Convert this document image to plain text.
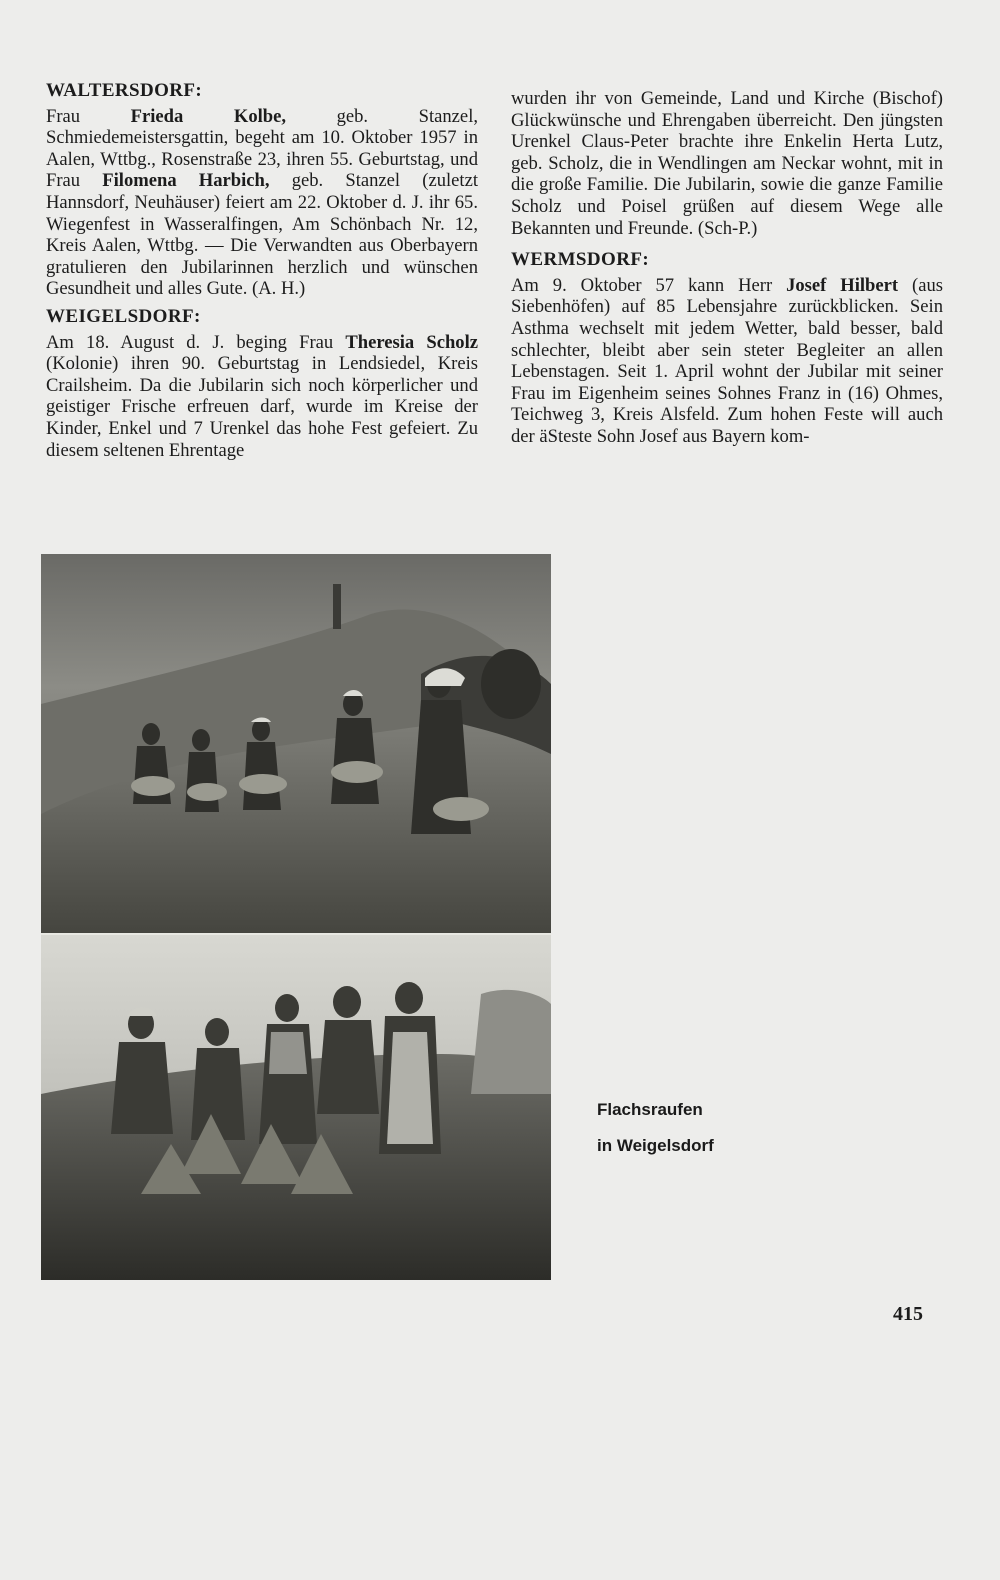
WALTERSDORF:
Frau Frieda Kolbe, geb. Stanzel, Schmiedemeistersgattin, begeht am 10. Oktober 1957 in Aalen, Wttbg., Rosenstraße 23, ihren 55. Geburtstag, und Frau Filomena Harbich, geb. Stanzel (zuletzt Hannsdorf, Neuhäuser) feiert am 22. Oktober d. J. ihr 65. Wiegenfest in Wasseralfingen, Am Schönbach Nr. 12, Kreis Aalen, Wttbg. — Die Verwandten aus Oberbayern gratulieren den Jubilarinnen herzlich und wünschen Gesundheit und alles Gute. (A. H.)
WEIGELSDORF:
Am 18. August d. J. beging Frau Theresia Scholz (Kolonie) ihren 90. Geburtstag in Lendsiedel, Kreis Crailsheim. Da die Jubilarin sich noch körperlicher und geistiger Frische erfreuen darf, wurde im Kreise der Kinder, Enkel und 7 Urenkel das hohe Fest gefeiert. Zu diesem seltenen Ehrentage
wurden ihr von Gemeinde, Land und Kirche (Bischof) Glückwünsche und Ehrengaben überreicht. Den jüngsten Urenkel Claus-Peter brachte ihre Enkelin Herta Lutz, geb. Scholz, die in Wendlingen am Neckar wohnt, mit in die große Familie. Die Jubilarin, sowie die ganze Familie Scholz und Poisel grüßen auf diesem Wege alle Bekannten und Freunde. (Sch-P.)
WERMSDORF:
Am 9. Oktober 57 kann Herr Josef Hilbert (aus Siebenhöfen) auf 85 Lebensjahre zurückblicken. Sein Asthma wechselt mit jedem Wetter, bald besser, bald schlechter, bleibt aber sein steter Begleiter an allen Lebenstagen. Seit 1. April wohnt der Jubilar mit seiner Frau im Eigenheim seines Sohnes Franz in (16) Ohmes, Teichweg 3, Kreis Alsfeld. Zum hohen Feste will auch der äSteste Sohn Josef aus Bayern kom-
Flachsraufen
in Weigelsdorf
415
